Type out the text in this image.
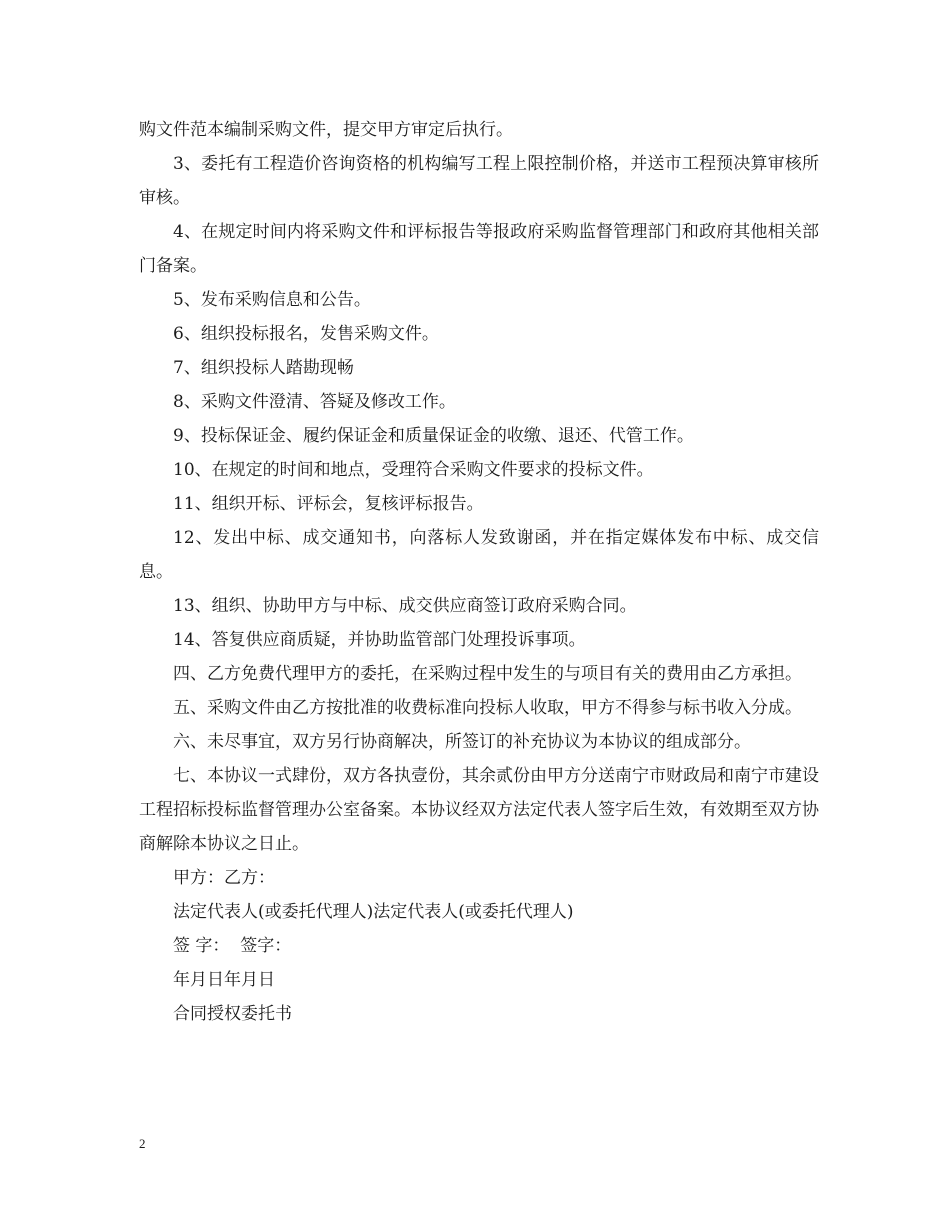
购文件范本编制采购文件，提交甲方审定后执行。

3、委托有工程造价咨询资格的机构编写工程上限控制价格，并送市工程预决算审核所审核。

4、在规定时间内将采购文件和评标报告等报政府采购监督管理部门和政府其他相关部门备案。

5、发布采购信息和公告。

6、组织投标报名，发售采购文件。

7、组织投标人踏勘现畅

8、采购文件澄清、答疑及修改工作。

9、投标保证金、履约保证金和质量保证金的收缴、退还、代管工作。

10、在规定的时间和地点，受理符合采购文件要求的投标文件。

11、组织开标、评标会，复核评标报告。

12、发出中标、成交通知书，向落标人发致谢函，并在指定媒体发布中标、成交信息。

13、组织、协助甲方与中标、成交供应商签订政府采购合同。

14、答复供应商质疑，并协助监管部门处理投诉事项。

四、乙方免费代理甲方的委托，在采购过程中发生的与项目有关的费用由乙方承担。

五、采购文件由乙方按批准的收费标准向投标人收取，甲方不得参与标书收入分成。

六、未尽事宜，双方另行协商解决，所签订的补充协议为本协议的组成部分。

七、本协议一式肆份，双方各执壹份，其余贰份由甲方分送南宁市财政局和南宁市建设工程招标投标监督管理办公室备案。本协议经双方法定代表人签字后生效，有效期至双方协商解除本协议之日止。

甲方：乙方：

法定代表人(或委托代理人)法定代表人(或委托代理人)

签 字：  签字：

年月日年月日

合同授权委托书

2
